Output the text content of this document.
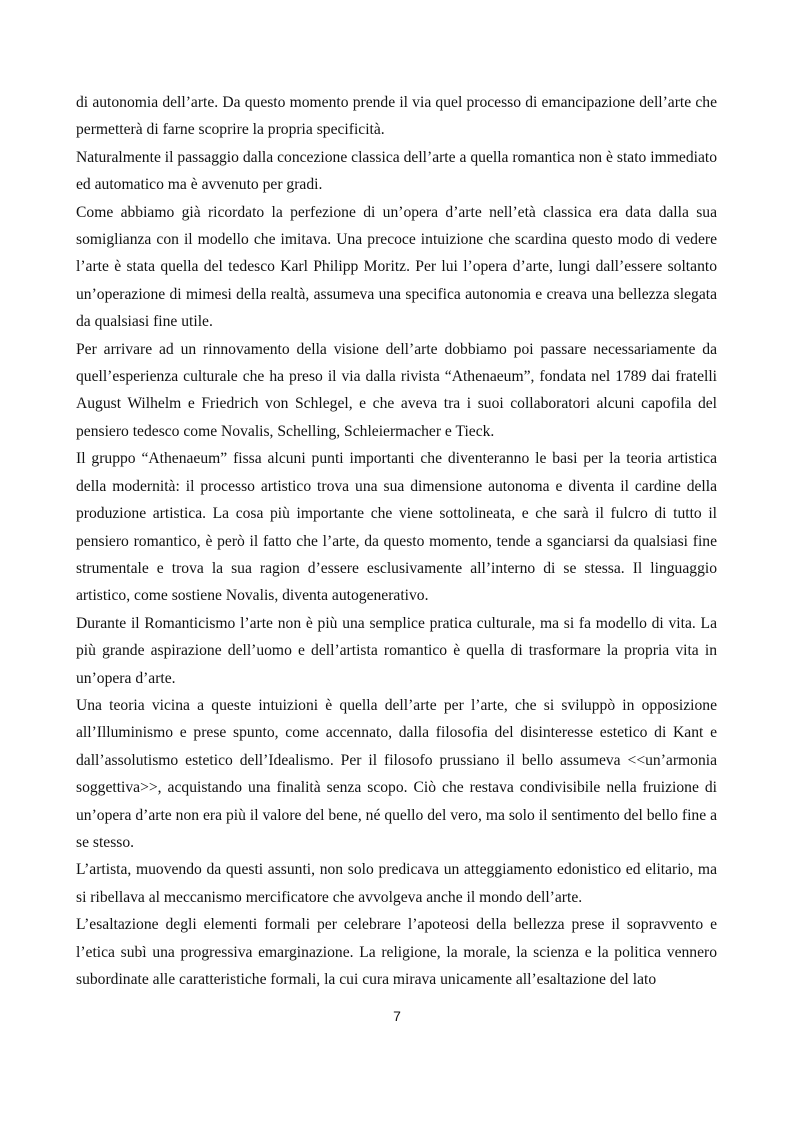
di autonomia dell’arte. Da questo momento prende il via quel processo di emancipazione dell’arte che permetterà di farne scoprire la propria specificità.

Naturalmente il passaggio dalla concezione classica dell’arte a quella romantica non è stato immediato ed automatico ma è avvenuto per gradi.

Come abbiamo già ricordato la perfezione di un’opera d’arte nell’età classica era data dalla sua somiglianza con il modello che imitava. Una precoce intuizione che scardina questo modo di vedere l’arte è stata quella del tedesco Karl Philipp Moritz. Per lui l’opera d’arte, lungi dall’essere soltanto un’operazione di mimesi della realtà, assumeva una specifica autonomia e creava una bellezza slegata da qualsiasi fine utile.

Per arrivare ad un rinnovamento della visione dell’arte dobbiamo poi passare necessariamente da quell’esperienza culturale che ha preso il via dalla rivista “Athenaeum”, fondata nel 1789 dai fratelli August Wilhelm e Friedrich von Schlegel, e che aveva tra i suoi collaboratori alcuni capofila del pensiero tedesco come Novalis, Schelling, Schleiermacher e Tieck.

Il gruppo “Athenaeum” fissa alcuni punti importanti che diventeranno le basi per la teoria artistica della modernità: il processo artistico trova una sua dimensione autonoma e diventa il cardine della produzione artistica. La cosa più importante che viene sottolineata, e che sarà il fulcro di tutto il pensiero romantico, è però il fatto che l’arte, da questo momento, tende a sganciarsi da qualsiasi fine strumentale e trova la sua ragion d’essere esclusivamente all’interno di se stessa. Il linguaggio artistico, come sostiene Novalis, diventa autogenerativo.

Durante il Romanticismo l’arte non è più una semplice pratica culturale, ma si fa modello di vita. La più grande aspirazione dell’uomo e dell’artista romantico è quella di trasformare la propria vita in un’opera d’arte.

Una teoria vicina a queste intuizioni è quella dell’arte per l’arte, che si sviluppò in opposizione all’Illuminismo e prese spunto, come accennato, dalla filosofia del disinteresse estetico di Kant e dall’assolutismo estetico dell’Idealismo. Per il filosofo prussiano il bello assumeva <<un’armonia soggettiva>>, acquistando una finalità senza scopo. Ciò che restava condivisibile nella fruizione di un’opera d’arte non era più il valore del bene, né quello del vero, ma solo il sentimento del bello fine a se stesso.

L’artista, muovendo da questi assunti, non solo predicava un atteggiamento edonistico ed elitario, ma si ribellava al meccanismo mercificatore che avvolgeva anche il mondo dell’arte.

L’esaltazione degli elementi formali per celebrare l’apoteosi della bellezza prese il sopravvento e l’etica subì una progressiva emarginazione. La religione, la morale, la scienza e la politica vennero subordinate alle caratteristiche formali, la cui cura mirava unicamente all’esaltazione del lato

7
